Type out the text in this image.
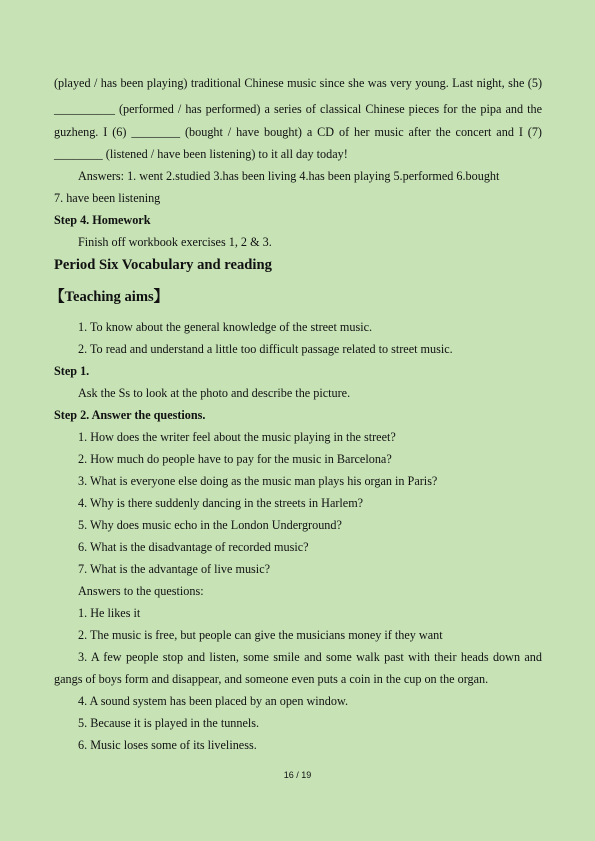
(played / has been playing) traditional Chinese music since she was very young. Last night, she (5)
__________ (performed / has performed) a series of classical Chinese pieces for the pipa and the
guzheng. I (6) ________ (bought / have bought) a CD of her music after the concert and I (7)
________ (listened / have been listening) to it all day today!
Answers: 1. went 2.studied 3.has been living 4.has been playing 5.performed 6.bought
7. have been listening
Step 4. Homework
Finish off workbook exercises 1, 2 & 3.
Period Six Vocabulary and reading
【Teaching aims】
1. To know about the general knowledge of the street music.
2. To read and understand a little too difficult passage related to street music.
Step 1.
Ask the Ss to look at the photo and describe the picture.
Step 2. Answer the questions.
1. How does the writer feel about the music playing in the street?
2. How much do people have to pay for the music in Barcelona?
3. What is everyone else doing as the music man plays his organ in Paris?
4. Why is there suddenly dancing in the streets in Harlem?
5. Why does music echo in the London Underground?
6. What is the disadvantage of recorded music?
7. What is the advantage of live music?
Answers to the questions:
1. He likes it
2. The music is free, but people can give the musicians money if they want
3. A few people stop and listen, some smile and some walk past with their heads down and
gangs of boys form and disappear, and someone even puts a coin in the cup on the organ.
4. A sound system has been placed by an open window.
5. Because it is played in the tunnels.
6. Music loses some of its liveliness.
16 / 19
